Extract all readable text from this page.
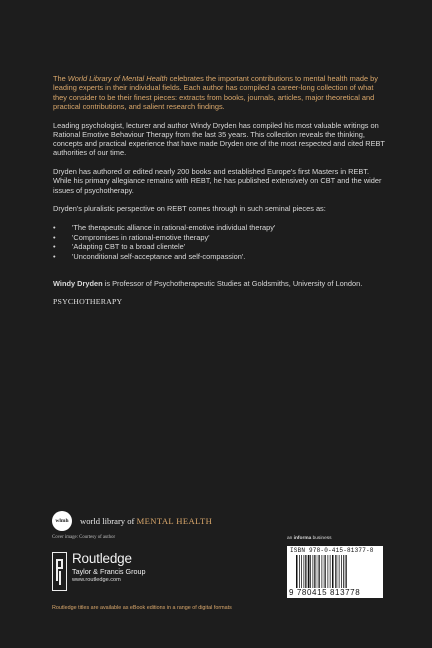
The World Library of Mental Health celebrates the important contributions to mental health made by leading experts in their individual fields. Each author has compiled a career-long collection of what they consider to be their finest pieces: extracts from books, journals, articles, major theoretical and practical contributions, and salient research findings.

Leading psychologist, lecturer and author Windy Dryden has compiled his most valuable writings on Rational Emotive Behaviour Therapy from the last 35 years. This collection reveals the thinking, concepts and practical experience that have made Dryden one of the most respected and cited REBT authorities of our time.

Dryden has authored or edited nearly 200 books and established Europe's first Masters in REBT. While his primary allegiance remains with REBT, he has published extensively on CBT and the wider issues of psychotherapy.

Dryden's pluralistic perspective on REBT comes through in such seminal pieces as:

• 'The therapeutic alliance in rational-emotive individual therapy'
• 'Compromises in rational-emotive therapy'
• 'Adapting CBT to a broad clientele'
• 'Unconditional self-acceptance and self-compassion'.

Windy Dryden is Professor of Psychotherapeutic Studies at Goldsmiths, University of London.

PSYCHOTHERAPY
wlmh world library of MENTAL HEALTH
Cover image: Courtesy of author
Routledge
Taylor & Francis Group
www.routledge.com
Routledge titles are available as eBook editions in a range of digital formats
an informa business
ISBN 978-0-415-81377-8
9 780415 813778
